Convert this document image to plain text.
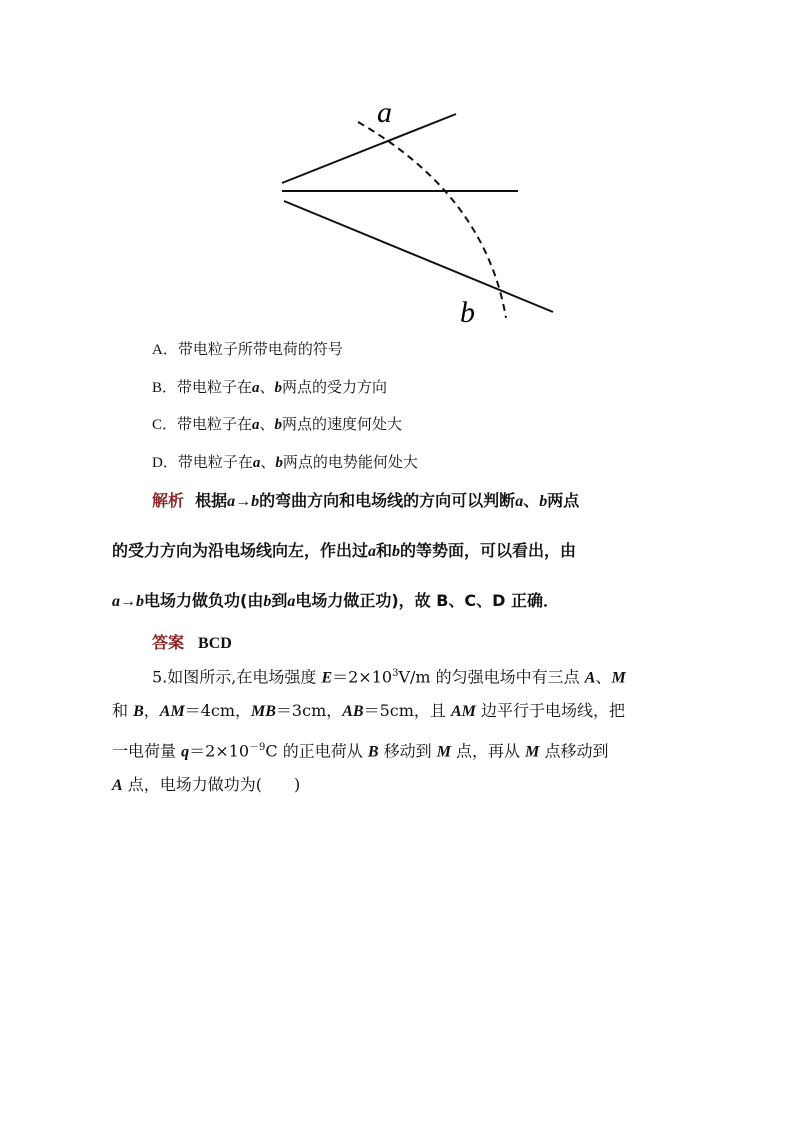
a
b
A．带电粒子所带电荷的符号
B．带电粒子在a、b两点的受力方向
C．带电粒子在a、b两点的速度何处大
D．带电粒子在a、b两点的电势能何处大
解析 根据a→b的弯曲方向和电场线的方向可以判断a、b两点
的受力方向为沿电场线向左，作出过a和b的等势面，可以看出，由
a→b电场力做负功(由b到a电场力做正功)，故 B、C、D 正确．
答案 BCD
5.如图所示,在电场强度 $E=2\times 10^3V/m$ 的匀强电场中有三点 A、M
和 B，AM＝4cm，MB＝3cm，AB＝5cm，且 AM 边平行于电场线，把
一电荷量 $q=2\times 10^{-9}C$ 的正电荷从 B 移动到 M 点，再从 M 点移动到
A 点，电场力做功为(　　)
